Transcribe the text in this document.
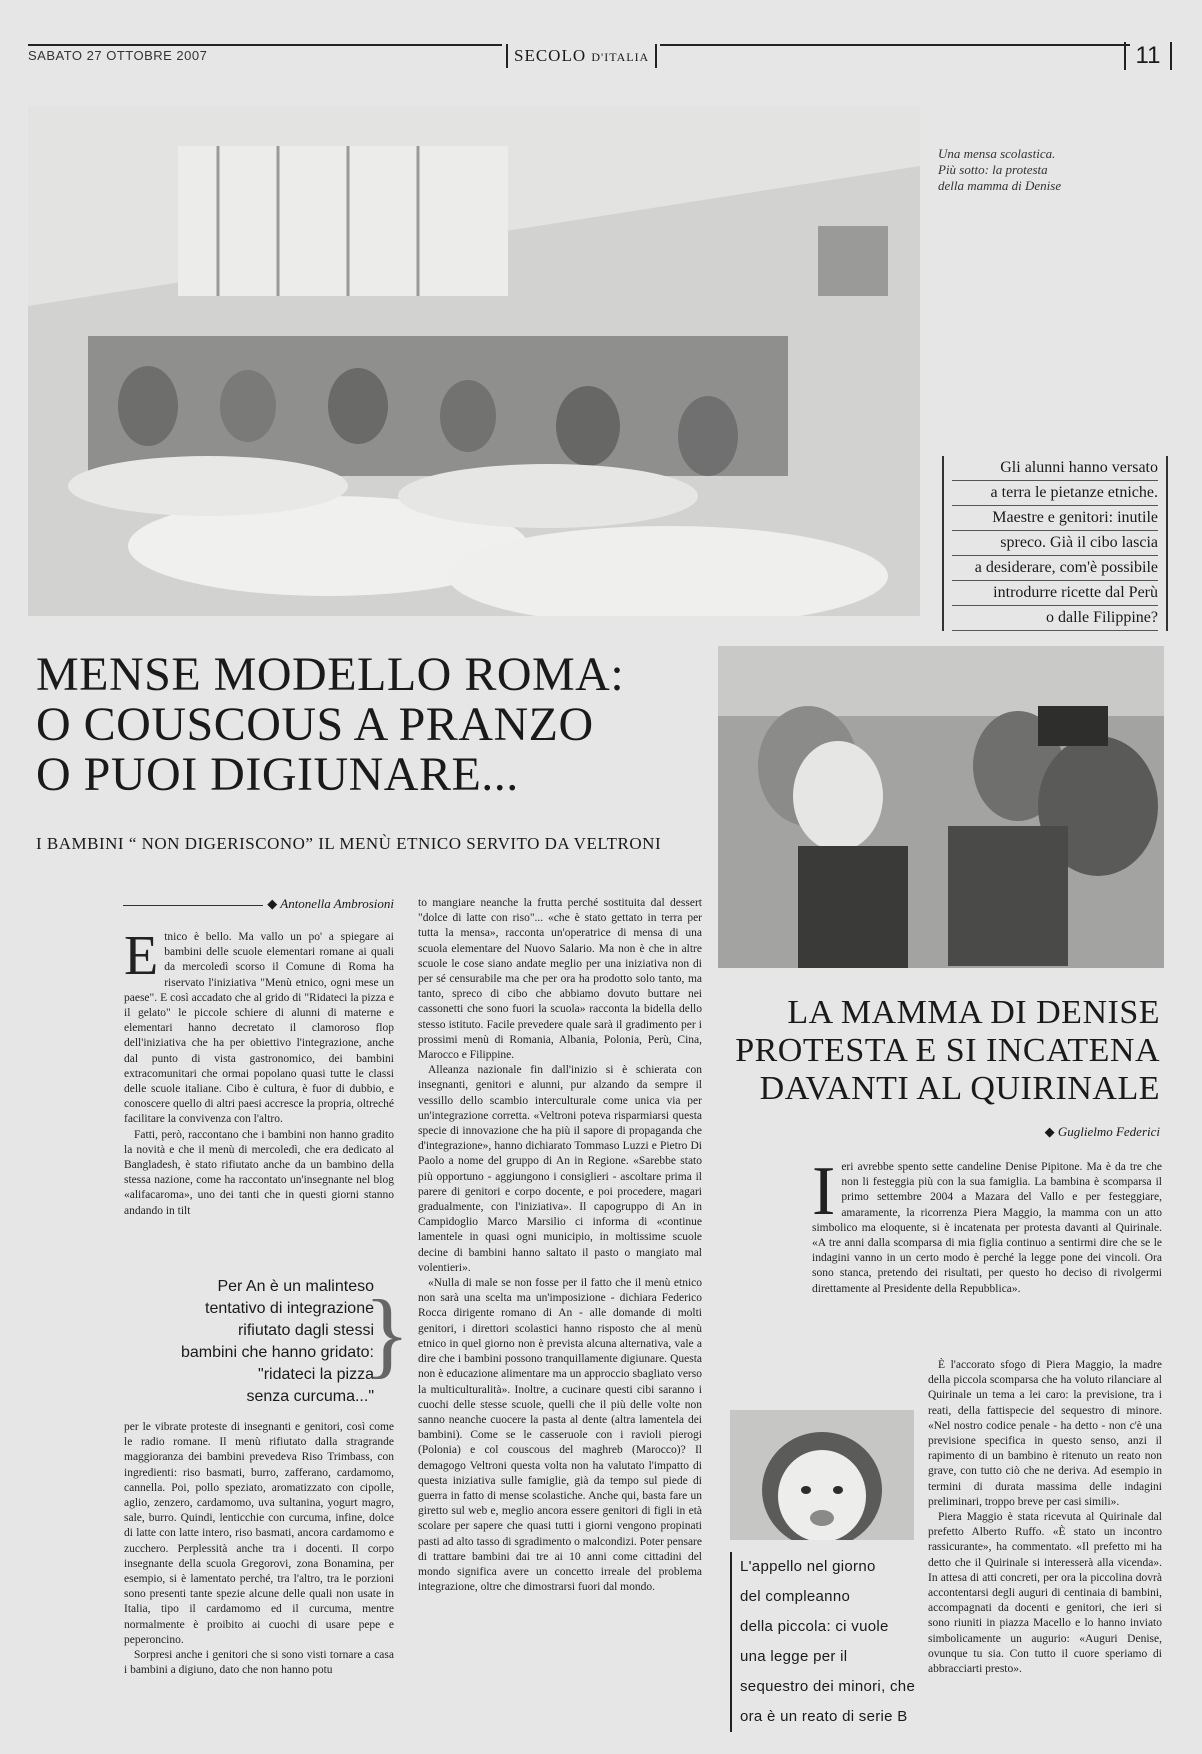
SABATO 27 OTTOBRE 2007	SECOLO D'ITALIA	11
Una mensa scolastica.
Più sotto: la protesta
della mamma di Denise
Gli alunni hanno versato
a terra le pietanze etniche.
Maestre e genitori: inutile
spreco. Già il cibo lascia
a desiderare, com'è possibile
introdurre ricette dal Perù
o dalle Filippine?
MENSE MODELLO ROMA:
O COUSCOUS A PRANZO
O PUOI DIGIUNARE...
I BAMBINI “ NON DIGERISCONO” IL MENÙ ETNICO SERVITO DA VELTRONI
◆ Antonella Ambrosioni
E tnico è bello. Ma vallo un po' a spiegare ai bambini delle scuole elementari romane ai quali da mercoledì scorso il Comune di Roma ha riservato l'iniziativa "Menù etnico, ogni mese un paese". E così accadato che al grido di "Ridateci la pizza e il gelato" le piccole schiere di alunni di materne e elementari hanno decretato il clamoroso flop dell'iniziativa che ha per obiettivo l'integrazione, anche dal punto di vista gastronomico, dei bambini extracomunitari che ormai popolano quasi tutte le classi delle scuole italiane. Cibo è cultura, è fuor di dubbio, e conoscere quello di altri paesi accresce la propria, oltreché facilitare la convivenza con l'altro.

Fatti, però, raccontano che i bambini non hanno gradito la novità e che il menù di mercoledì, che era dedicato al Bangladesh, è stato rifiutato anche da un bambino della stessa nazione, come ha raccontato un'insegnante nel blog «alifacaroma», uno dei tanti che in questi giorni stanno andando in tilt

Per An è un malinteso
tentativo di integrazione
rifiutato dagli stessi
bambini che hanno gridato:
"ridateci la pizza
senza curcuma..."
}
per le vibrate proteste di insegnanti e genitori, così come le radio romane. Il menù rifiutato dalla stragrande maggioranza dei bambini prevedeva Riso Trimbass, con ingredienti: riso basmati, burro, zafferano, cardamomo, cannella. Poi, pollo speziato, aromatizzato con cipolle, aglio, zenzero, cardamomo, uva sultanina, yogurt magro, sale, burro. Quindi, lenticchie con curcuma, infine, dolce di latte con latte intero, riso basmati, ancora cardamomo e zucchero. Perplessità anche tra i docenti. Il corpo insegnante della scuola Gregorovi, zona Bonamina, per esempio, si è lamentato perché, tra l'altro, tra le porzioni sono presenti tante spezie alcune delle quali non usate in Italia, tipo il cardamomo ed il curcuma, mentre normalmente è proibito ai cuochi di usare pepe e peperoncino.

Sorpresi anche i genitori che si sono visti tornare a casa i bambini a digiuno, dato che non hanno potu

to mangiare neanche la frutta perché sostituita dal dessert "dolce di latte con riso"... «che è stato gettato in terra per tutta la mensa», racconta un'operatrice di mensa di una scuola elementare del Nuovo Salario. Ma non è che in altre scuole le cose siano andate meglio per una iniziativa non di per sé censurabile ma che per ora ha prodotto solo tanto, ma tanto, spreco di cibo che abbiamo dovuto buttare nei cassonetti che sono fuori la scuola» racconta la bidella dello stesso istituto. Facile prevedere quale sarà il gradimento per i prossimi menù di Romania, Albania, Polonia, Perù, Cina, Marocco e Filippine.

Alleanza nazionale fin dall'inizio si è schierata con insegnanti, genitori e alunni, pur alzando da sempre il vessillo dello scambio interculturale come unica via per un'integrazione corretta. «Veltroni poteva risparmiarsi questa specie di innovazione che ha più il sapore di propaganda che d'integrazione», hanno dichiarato Tommaso Luzzi e Pietro Di Paolo a nome del gruppo di An in Regione. «Sarebbe stato più opportuno - aggiungono i consiglieri - ascoltare prima il parere di genitori e corpo docente, e poi procedere, magari gradualmente, con l'iniziativa». Il capogruppo di An in Campidoglio Marco Marsilio ci informa di «continue lamentele in quasi ogni municipio, in moltissime scuole decine di bambini hanno saltato il pasto o mangiato mal volentieri».

«Nulla di male se non fosse per il fatto che il menù etnico non sarà una scelta ma un'imposizione - dichiara Federico Rocca dirigente romano di An - alle domande di molti genitori, i direttori scolastici hanno risposto che al menù etnico in quel giorno non è prevista alcuna alternativa, vale a dire che i bambini possono tranquillamente digiunare. Questa non è educazione alimentare ma un approccio sbagliato verso la multiculturalità». Inoltre, a cucinare questi cibi saranno i cuochi delle stesse scuole, quelli che il più delle volte non sanno neanche cuocere la pasta al dente (altra lamentela dei bambini). Come se le casseruole con i ravioli pierogi (Polonia) e col couscous del maghreb (Marocco)? Il demagogo Veltroni questa volta non ha valutato l'impatto di questa iniziativa sulle famiglie, già da tempo sul piede di guerra in fatto di mense scolastiche. Anche qui, basta fare un giretto sul web e, meglio ancora essere genitori di figli in età scolare per sapere che quasi tutti i giorni vengono propinati pasti ad alto tasso di sgradimento o malcondizi. Poter pensare di trattare bambini dai tre ai 10 anni come cittadini del mondo significa avere un concetto irreale del problema integrazione, oltre che dimostrarsi fuori dal mondo.

LA MAMMA DI DENISE
PROTESTA E SI INCATENA
DAVANTI AL QUIRINALE
◆ Guglielmo Federici
I eri avrebbe spento sette candeline Denise Pipitone. Ma è da tre che non li festeggia più con la sua famiglia. La bambina è scomparsa il primo settembre 2004 a Mazara del Vallo e per festeggiare, amaramente, la ricorrenza Piera Maggio, la mamma con un atto simbolico ma eloquente, si è incatenata per protesta davanti al Quirinale. «A tre anni dalla scomparsa di mia figlia continuo a sentirmi dire che se le indagini vanno in un certo modo è perché la legge pone dei vincoli. Ora sono stanca, pretendo dei risultati, per questo ho deciso di rivolgermi direttamente al Presidente della Repubblica».

È l'accorato sfogo di Piera Maggio, la madre della piccola scomparsa che ha voluto rilanciare al Quirinale un tema a lei caro: la previsione, tra i reati, della fattispecie del sequestro di minore. «Nel nostro codice penale - ha detto - non c'è una previsione specifica in questo senso, anzi il rapimento di un bambino è ritenuto un reato non grave, con tutto ciò che ne deriva. Ad esempio in termini di durata massima delle indagini preliminari, troppo breve per casi simili».

Piera Maggio è stata ricevuta al Quirinale dal prefetto Alberto Ruffo. «È stato un incontro rassicurante», ha commentato. «Il prefetto mi ha detto che il Quirinale si interesserà alla vicenda». In attesa di atti concreti, per ora la piccolina dovrà accontentarsi degli auguri di centinaia di bambini, accompagnati da docenti e genitori, che ieri si sono riuniti in piazza Macello e lo hanno inviato simbolicamente un augurio: «Auguri Denise, ovunque tu sia. Con tutto il cuore speriamo di abbracciarti presto».

L'appello nel giorno
del compleanno
della piccola: ci vuole
una legge per il
sequestro dei minori, che
ora è un reato di serie B
